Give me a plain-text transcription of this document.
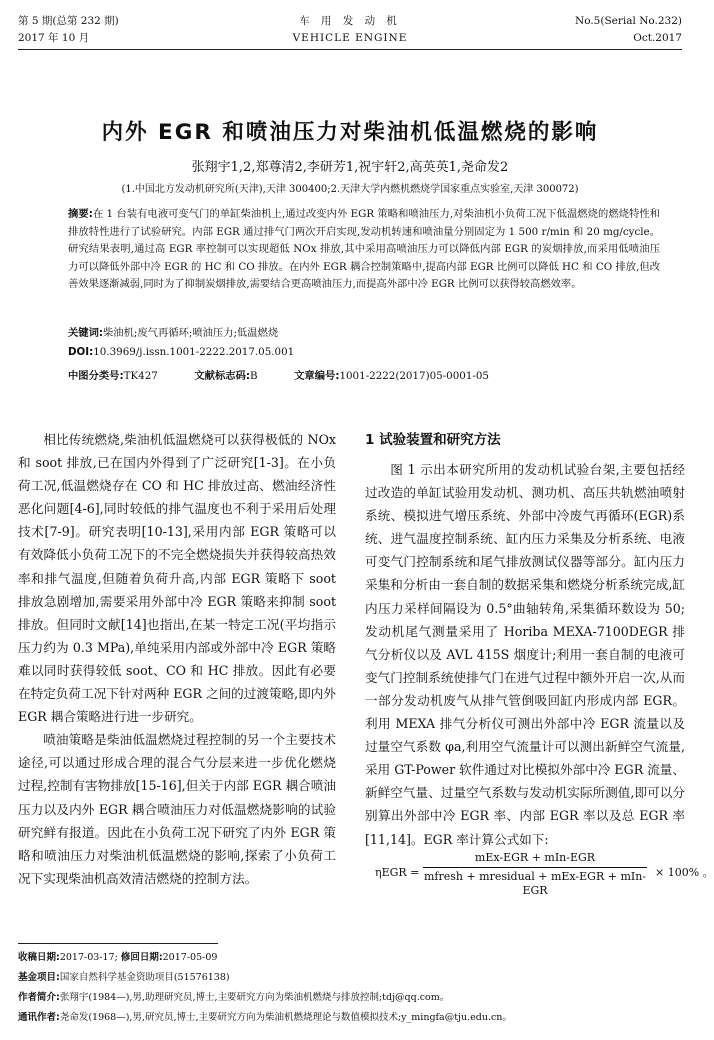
第 5 期(总第 232 期)
2017 年 10 月
车 用 发 动 机
VEHICLE ENGINE
No.5(Serial No.232)
Oct.2017
内外 EGR 和喷油压力对柴油机低温燃烧的影响
张翔宇1,2,郑尊清2,李研芳1,祝宇轩2,高英英1,尧命发2
(1.中国北方发动机研究所(天津),天津 300400;2.天津大学内燃机燃烧学国家重点实验室,天津 300072)
摘要:在 1 台装有电液可变气门的单缸柴油机上,通过改变内外 EGR 策略和喷油压力,对柴油机小负荷工况下低温燃烧的燃烧特性和排放特性进行了试验研究。内部 EGR 通过排气门两次开启实现,发动机转速和喷油量分别固定为 1 500 r/min 和 20 mg/cycle。研究结果表明,通过高 EGR 率控制可以实现超低 NOx 排放,其中采用高喷油压力可以降低内部 EGR 的炭烟排放,而采用低喷油压力可以降低外部中冷 EGR 的 HC 和 CO 排放。在内外 EGR 耦合控制策略中,提高内部 EGR 比例可以降低 HC 和 CO 排放,但改善效果逐渐减弱,同时为了抑制炭烟排放,需要结合更高喷油压力,而提高外部中冷 EGR 比例可以获得较高燃效率。
关键词:柴油机;废气再循环;喷油压力;低温燃烧
DOI:10.3969/j.issn.1001-2222.2017.05.001
中图分类号:TK427	文献标志码:B	文章编号:1001-2222(2017)05-0001-05

相比传统燃烧,柴油机低温燃烧可以获得极低的 NOx 和 soot 排放,已在国内外得到了广泛研究[1-3]。在小负荷工况,低温燃烧存在 CO 和 HC 排放过高、燃油经济性恶化问题[4-6],同时较低的排气温度也不利于采用后处理技术[7-9]。研究表明[10-13],采用内部 EGR 策略可以有效降低小负荷工况下的不完全燃烧损失并获得较高热效率和排气温度,但随着负荷升高,内部 EGR 策略下 soot 排放急剧增加,需要采用外部中冷 EGR 策略来抑制 soot 排放。但同时文献[14]也指出,在某一特定工况(平均指示压力约为 0.3 MPa),单纯采用内部或外部中冷 EGR 策略难以同时获得较低 soot、CO 和 HC 排放。因此有必要在特定负荷工况下针对两种 EGR 之间的过渡策略,即内外 EGR 耦合策略进行进一步研究。

喷油策略是柴油低温燃烧过程控制的另一个主要技术途径,可以通过形成合理的混合气分层来进一步优化燃烧过程,控制有害物排放[15-16],但关于内部 EGR 耦合喷油压力以及内外 EGR 耦合喷油压力对低温燃烧影响的试验研究鲜有报道。因此在小负荷工况下研究了内外 EGR 策略和喷油压力对柴油机低温燃烧的影响,探索了小负荷工况下实现柴油机高效清洁燃烧的控制方法。

1 试验装置和研究方法

图 1 示出本研究所用的发动机试验台架,主要包括经过改造的单缸试验用发动机、测功机、高压共轨燃油喷射系统、模拟进气增压系统、外部中冷废气再循环(EGR)系统、进气温度控制系统、缸内压力采集及分析系统、电液可变气门控制系统和尾气排放测试仪器等部分。缸内压力采集和分析由一套自制的数据采集和燃烧分析系统完成,缸内压力采样间隔设为 0.5°曲轴转角,采集循环数设为 50;发动机尾气测量采用了 Horiba MEXA-7100DEGR 排气分析仪以及 AVL 415S 烟度计;利用一套自制的电液可变气门控制系统使排气门在进气过程中额外开启一次,从而一部分发动机废气从排气管倒吸回缸内形成内部 EGR。利用 MEXA 排气分析仪可测出外部中冷 EGR 流量以及过量空气系数 φa,利用空气流量计可以测出新鲜空气流量,采用 GT-Power 软件通过对比模拟外部中冷 EGR 流量、新鲜空气量、过量空气系数与发动机实际所测值,即可以分别算出外部中冷 EGR 率、内部 EGR 率以及总 EGR 率[11,14]。EGR 率计算公式如下:

ηEGR =
mEx-EGR + mIn-EGR
mfresh + mresidual + mEx-EGR + mIn-EGR
× 100% 。
收稿日期:2017-03-17; 修回日期:2017-05-09
基金项目:国家自然科学基金资助项目(51576138)
作者简介:张翔宇(1984—),男,助理研究员,博士,主要研究方向为柴油机燃烧与排放控制;tdj@qq.com。
通讯作者:尧命发(1968—),男,研究员,博士,主要研究方向为柴油机燃烧理论与数值模拟技术;y_mingfa@tju.edu.cn。
